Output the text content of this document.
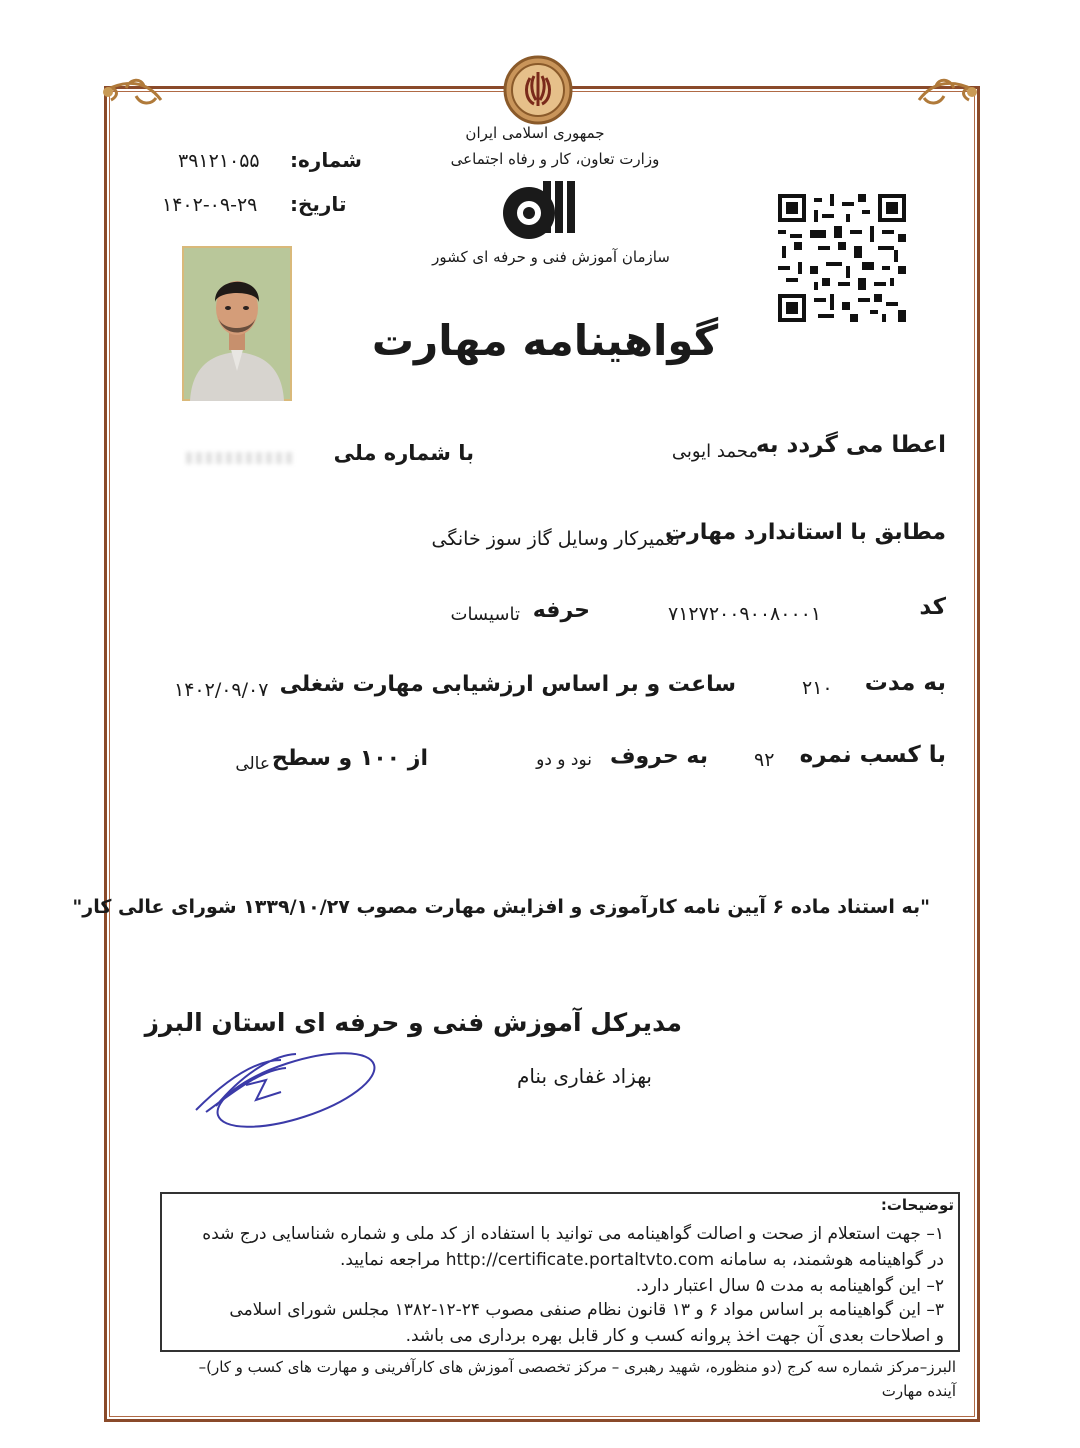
جمهوری اسلامی ایران
وزارت تعاون، کار و رفاه اجتماعی
سازمان آموزش فنی و حرفه ای کشور
شماره:
۳۹۱۲۱۰۵۵
تاریخ:
۱۴۰۲-۰۹-۲۹
گواهینامه مهارت
اعطا می گردد به
محمد ایوبی
با شماره ملی
مطابق با استاندارد مهارت
تعمیرکار وسایل گاز سوز خانگی
کد
۷۱۲۷۲۰۰۹۰۰۸۰۰۰۱
حرفه
تاسیسات
به مدت
۲۱۰
ساعت و بر اساس ارزشیابی مهارت شغلی
۱۴۰۲/۰۹/۰۷
با کسب نمره
۹۲
به حروف
نود و دو
از ۱۰۰ و سطح
عالی
"به استناد ماده ۶ آیین نامه کارآموزی و افزایش مهارت مصوب ۱۳۳۹/۱۰/۲۷ شورای عالی کار"
مدیرکل آموزش فنی و حرفه ای استان البرز
بهزاد غفاری بنام
توضیحات:
۱– جهت استعلام از صحت و اصالت گواهینامه می توانید با استفاده از کد ملی و شماره شناسایی درج شده
در گواهینامه هوشمند، به سامانه http://certificate.portaltvto.com مراجعه نمایید.
۲– این گواهینامه به مدت ۵ سال اعتبار دارد.
۳– این گواهینامه بر اساس مواد ۶ و ۱۳ قانون نظام صنفی مصوب ۲۴-۱۲-۱۳۸۲ مجلس شورای اسلامی
و اصلاحات بعدی آن جهت اخذ پروانه کسب و کار قابل بهره برداری می باشد.
البرز–مرکز شماره سه کرج (دو منظوره، شهید رهبری – مرکز تخصصی آموزش های کارآفرینی و مهارت های کسب و کار)–
آینده مهارت
